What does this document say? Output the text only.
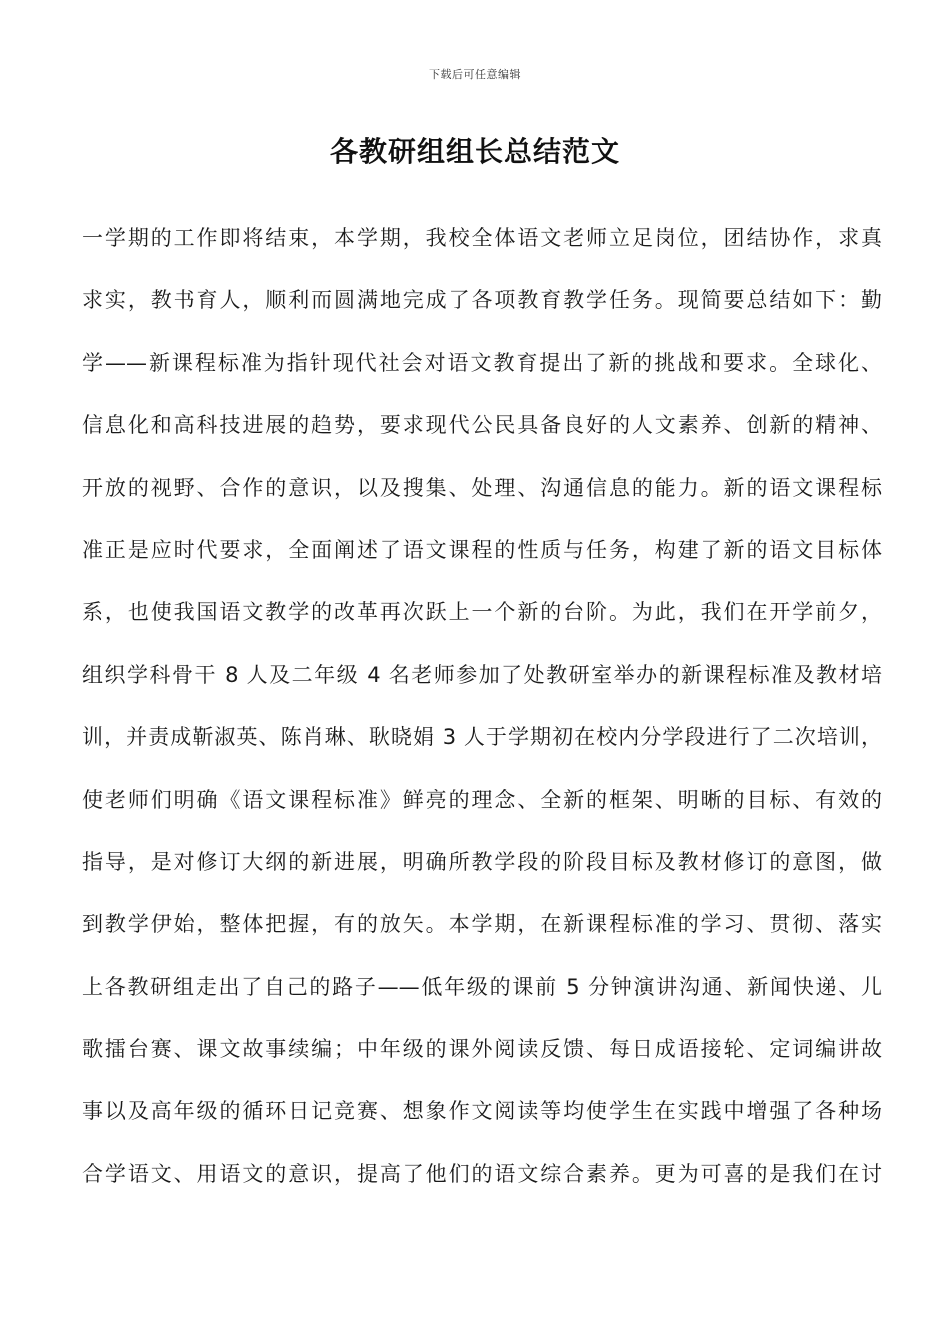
下载后可任意编辑
各教研组组长总结范文
一学期的工作即将结束，本学期，我校全体语文老师立足岗位，团结协作，求真
求实，教书育人，顺利而圆满地完成了各项教育教学任务。现简要总结如下：勤
学——新课程标准为指针现代社会对语文教育提出了新的挑战和要求。全球化、
信息化和高科技进展的趋势，要求现代公民具备良好的人文素养、创新的精神、
开放的视野、合作的意识，以及搜集、处理、沟通信息的能力。新的语文课程标
准正是应时代要求，全面阐述了语文课程的性质与任务，构建了新的语文目标体
系，也使我国语文教学的改革再次跃上一个新的台阶。为此，我们在开学前夕，
组织学科骨干 8 人及二年级 4 名老师参加了处教研室举办的新课程标准及教材培
训，并责成靳淑英、陈肖琳、耿晓娟 3 人于学期初在校内分学段进行了二次培训，
使老师们明确《语文课程标准》鲜亮的理念、全新的框架、明晰的目标、有效的
指导，是对修订大纲的新进展，明确所教学段的阶段目标及教材修订的意图，做
到教学伊始，整体把握，有的放矢。本学期，在新课程标准的学习、贯彻、落实
上各教研组走出了自己的路子——低年级的课前 5 分钟演讲沟通、新闻快递、儿
歌擂台赛、课文故事续编；中年级的课外阅读反馈、每日成语接轮、定词编讲故
事以及高年级的循环日记竞赛、想象作文阅读等均使学生在实践中增强了各种场
合学语文、用语文的意识，提高了他们的语文综合素养。更为可喜的是我们在讨
